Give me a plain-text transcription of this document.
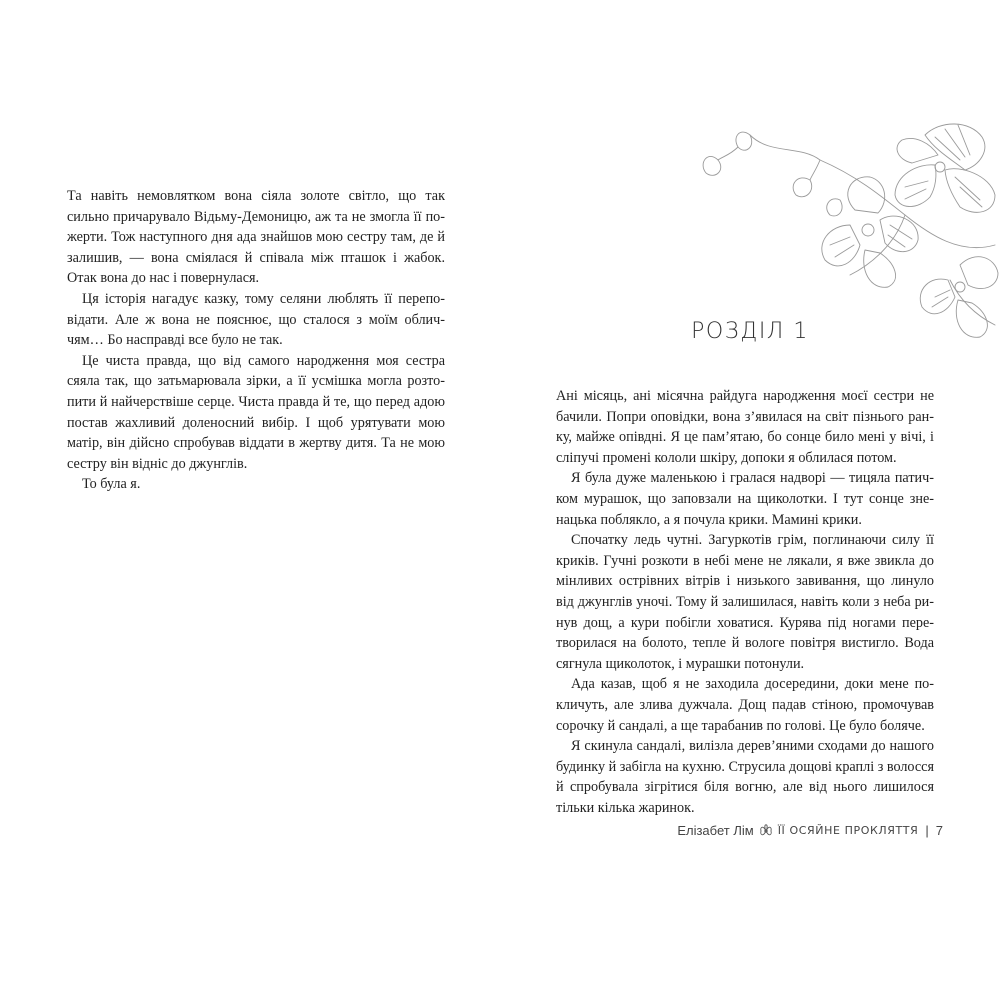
Та навіть немовлятком вона сіяла золоте світло, що так сильно причарувало Відьму-Демоницю, аж та не змогла її пожерти. Тож наступного дня ада знайшов мою сестру там, де й залишив, — вона сміялася й співала між пташок і жабок. Отак вона до нас і повернулася.

Ця історія нагадує казку, тому селяни люблять її переповідати. Але ж вона не пояснює, що сталося з моїм обличчям… Бо насправді все було не так.

Це чиста правда, що від самого народження моя сестра сяяла так, що затьмарювала зірки, а її усмішка могла розтопити й найчерствіше серце. Чиста правда й те, що перед адою постав жахливий доленосний вибір. І щоб урятувати мою матір, він дійсно спробував віддати в жертву дитя. Та не мою сестру він відніс до джунглів.

То була я.

РОЗДІЛ 1

Ані місяць, ані місячна райдуга народження моєї сестри не бачили. Попри оповідки, вона з’явилася на світ пізнього ранку, майже опівдні. Я це пам’ятаю, бо сонце било мені у вічі, і сліпучі промені кололи шкіру, допоки я облилася потом.

Я була дуже маленькою і гралася надворі — тицяла патичком мурашок, що заповзали на щиколотки. І тут сонце зненацька поблякло, а я почула крики. Мамині крики.

Спочатку ледь чутні. Загуркотів грім, поглинаючи силу її криків. Гучні розкоти в небі мене не лякали, я вже звикла до мінливих острівних вітрів і низького завивання, що линуло від джунглів уночі. Тому й залишилася, навіть коли з неба ринув дощ, а кури побігли ховатися. Курява під ногами перетворилася на болото, тепле й вологе повітря вистигло. Вода сягнула щиколоток, і мурашки потонули.

Ада казав, щоб я не заходила досередини, доки мене покличуть, але злива дужчала. Дощ падав стіною, промочував сорочку й сандалі, а ще тарабанив по голові. Це було боляче.

Я скинула сандалі, вилізла дерев’яними сходами до нашого будинку й забігла на кухню. Струсила дощові краплі з волосся й спробувала зігрітися біля вогню, але від нього лишилося тільки кілька жаринок.

Елізабет Лім ЇЇ ОСЯЙНЕ ПРОКЛЯТТЯ | 7
